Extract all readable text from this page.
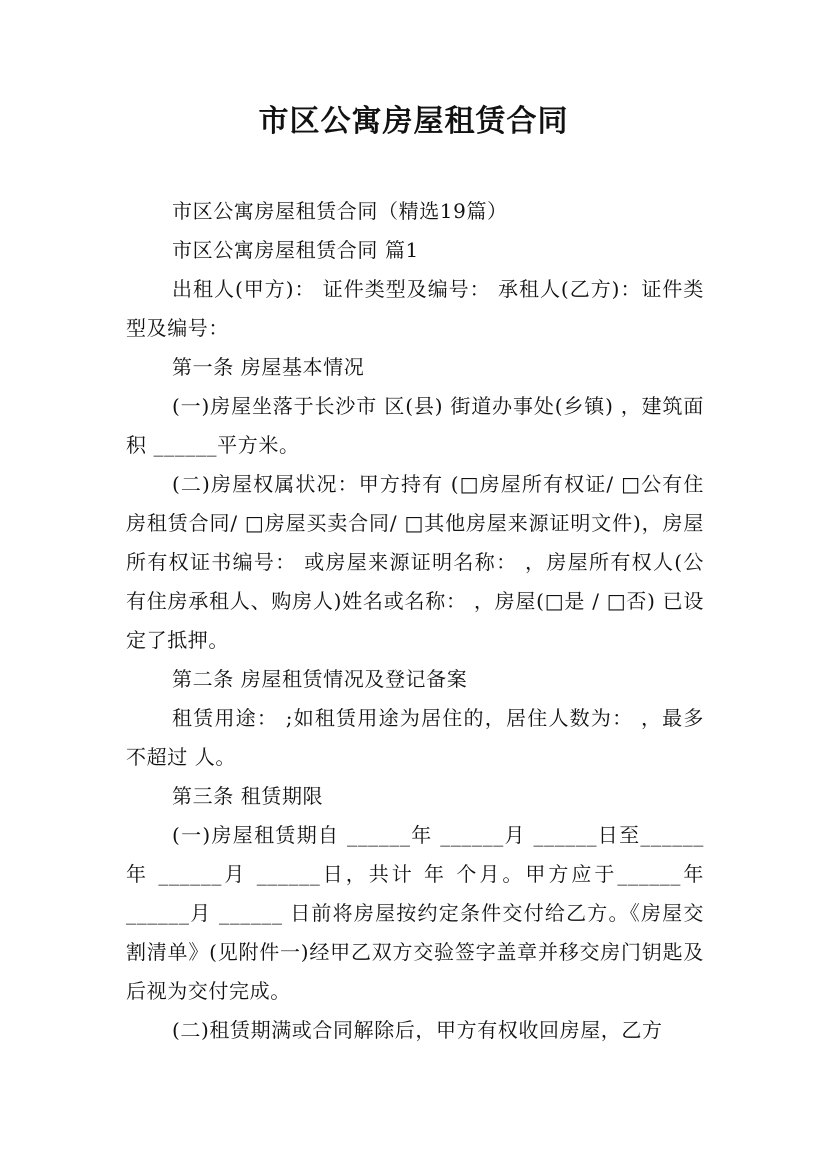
市区公寓房屋租赁合同

市区公寓房屋租赁合同（精选19篇）

市区公寓房屋租赁合同 篇1

出租人(甲方)： 证件类型及编号： 承租人(乙方)：证件类型及编号：

第一条 房屋基本情况

(一)房屋坐落于长沙市 区(县) 街道办事处(乡镇) ，建筑面积 ______平方米。

(二)房屋权属状况：甲方持有 (□房屋所有权证/ □公有住房租赁合同/ □房屋买卖合同/ □其他房屋来源证明文件)，房屋所有权证书编号： 或房屋来源证明名称： ，房屋所有权人(公有住房承租人、购房人)姓名或名称： ，房屋(□是 / □否) 已设定了抵押。

第二条 房屋租赁情况及登记备案

租赁用途： ;如租赁用途为居住的，居住人数为： ，最多不超过 人。

第三条 租赁期限

(一)房屋租赁期自 ______年 ______月 ______日至______年 ______月 ______日，共计 年 个月。甲方应于______年 ______月 ______ 日前将房屋按约定条件交付给乙方。《房屋交割清单》(见附件一)经甲乙双方交验签字盖章并移交房门钥匙及 后视为交付完成。

(二)租赁期满或合同解除后，甲方有权收回房屋，乙方
